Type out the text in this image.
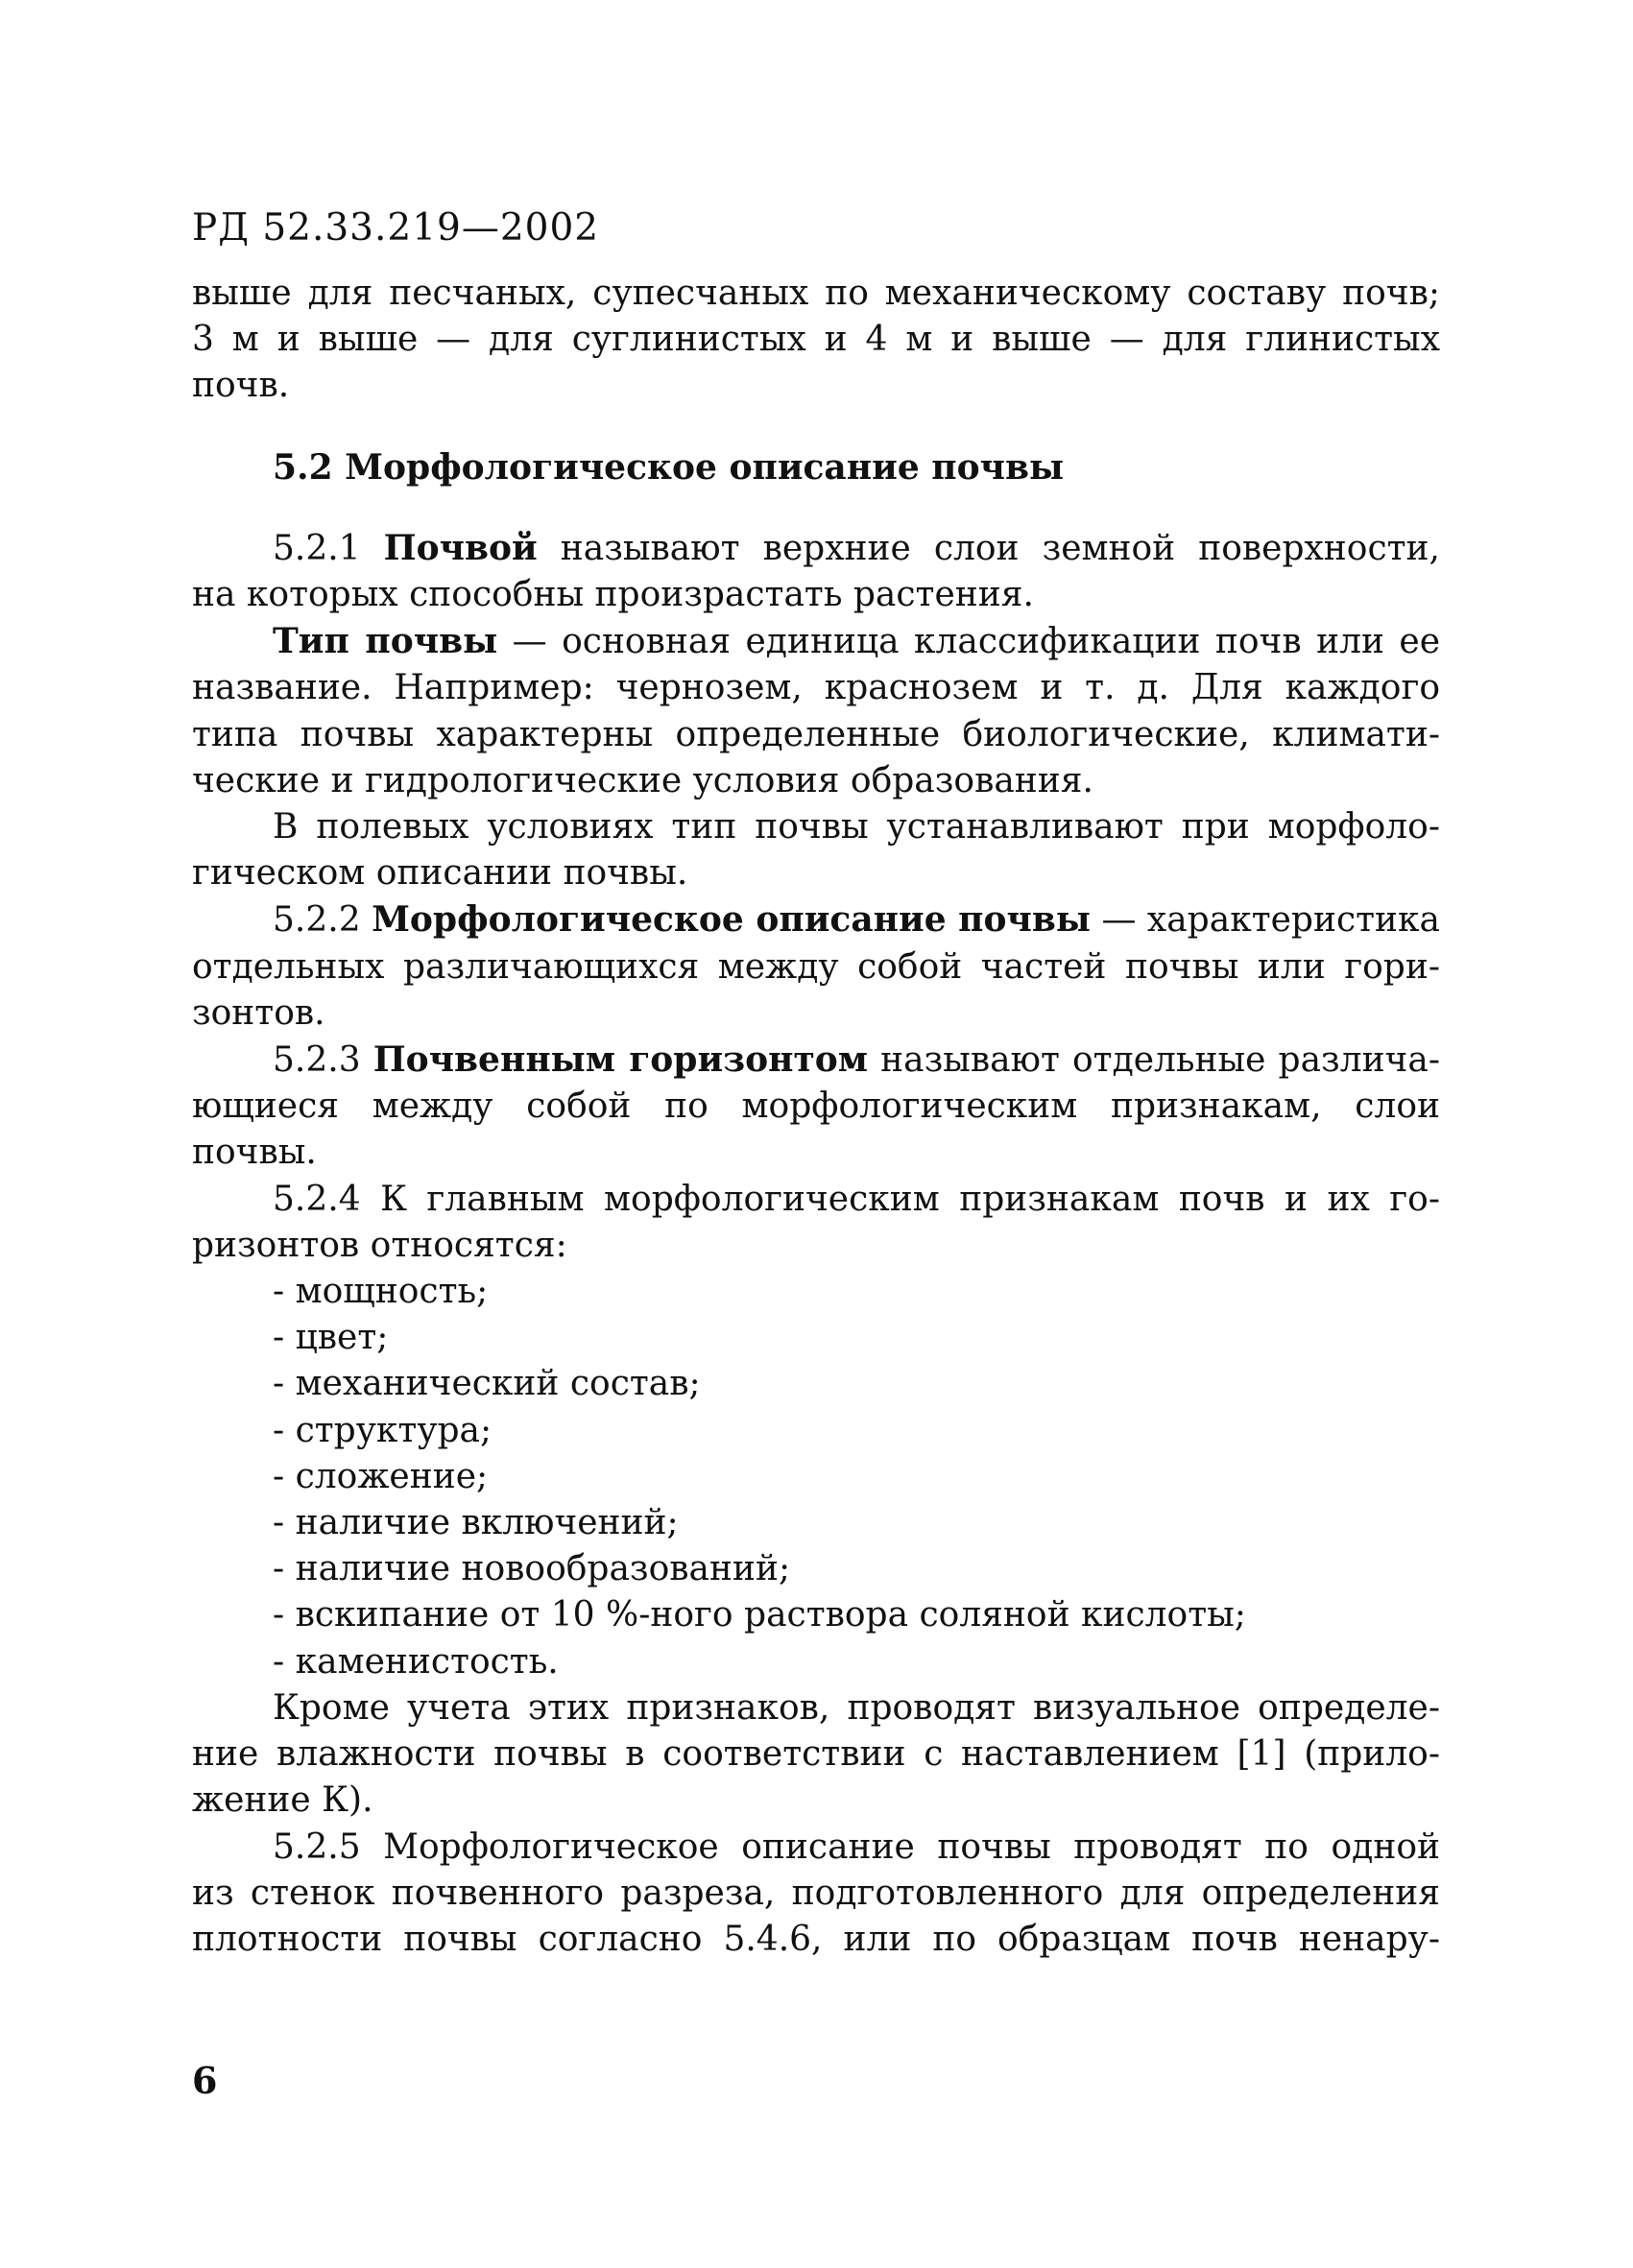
РД 52.33.219—2002

выше для песчаных, супесчаных по механическому составу почв;

3 м и выше — для суглинистых и 4 м и выше — для глинистых

почв.

5.2 Морфологическое описание почвы

5.2.1 Почвой называют верхние слои земной поверхности,

на которых способны произрастать растения.

Тип почвы — основная единица классификации почв или ее

название. Например: чернозем, краснозем и т. д. Для каждого

типа почвы характерны определенные биологические, климати-

ческие и гидрологические условия образования.

В полевых условиях тип почвы устанавливают при морфоло-

гическом описании почвы.

5.2.2 Морфологическое описание почвы — характеристика

отдельных различающихся между собой частей почвы или гори-

зонтов.

5.2.3 Почвенным горизонтом называют отдельные различа-

ющиеся между собой по морфологическим признакам, слои почвы.

5.2.4 К главным морфологическим признакам почв и их го-

ризонтов относятся:

- мощность;

- цвет;

- механический состав;

- структура;

- сложение;

- наличие включений;

- наличие новообразований;

- вскипание от 10 %-ного раствора соляной кислоты;

- каменистость.

Кроме учета этих признаков, проводят визуальное определе-

ние влажности почвы в соответствии с наставлением [1] (прило-

жение К).

5.2.5 Морфологическое описание почвы проводят по одной

из стенок почвенного разреза, подготовленного для определения

плотности почвы согласно 5.4.6, или по образцам почв ненару-

6
